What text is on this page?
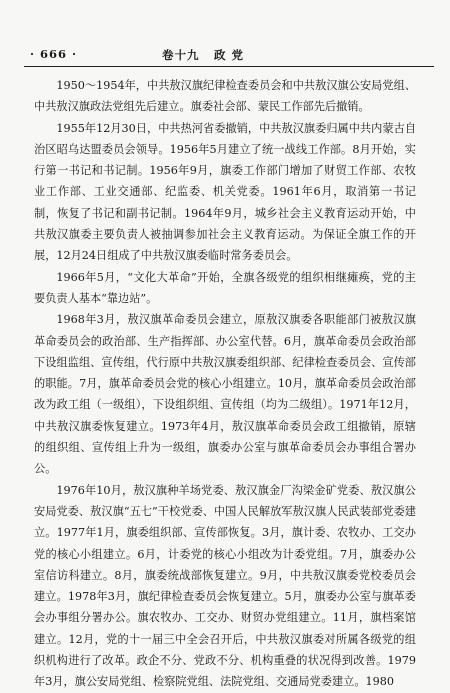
· 666 ·	卷十九 政党

1950～1954年，中共敖汉旗纪律检查委员会和中共敖汉旗公安局党组、中共敖汉旗政法党组先后建立。旗委社会部、蒙民工作部先后撤销。

1955年12月30日，中共热河省委撤销，中共敖汉旗委归属中共内蒙古自治区昭乌达盟委员会领导。1956年5月建立了统一战线工作部。8月开始，实行第一书记和书记制。1956年9月，旗委工作部门增加了财贸工作部、农牧业工作部、工业交通部、纪监委、机关党委。1961年6月，取消第一书记制，恢复了书记和副书记制。1964年9月，城乡社会主义教育运动开始，中共敖汉旗委主要负责人被抽调参加社会主义教育运动。为保证全旗工作的开展，12月24日组成了中共敖汉旗委临时常务委员会。

1966年5月，“文化大革命”开始，全旗各级党的组织相继瘫痪，党的主要负责人基本“靠边站”。

1968年3月，敖汉旗革命委员会建立，原敖汉旗委各职能部门被敖汉旗革命委员会的政治部、生产指挥部、办公室代替。6月，旗革命委员会政治部下设组监组、宣传组，代行原中共敖汉旗委组织部、纪律检查委员会、宣传部的职能。7月，旗革命委员会党的核心小组建立。10月，旗革命委员会政治部改为政工组（一级组），下设组织组、宣传组（均为二级组）。1971年12月，中共敖汉旗委恢复建立。1973年4月，敖汉旗革命委员会政工组撤销，原辖的组织组、宣传组上升为一级组，旗委办公室与旗革命委员会办事组合署办公。

1976年10月，敖汉旗种羊场党委、敖汉旗金厂沟梁金矿党委、敖汉旗公安局党委、敖汉旗“五七”干校党委、中国人民解放军敖汉旗人民武装部党委建立。1977年1月，旗委组织部、宣传部恢复。3月，旗计委、农牧办、工交办党的核心小组建立。6月，计委党的核心小组改为计委党组。7月，旗委办公室信访科建立。8月，旗委统战部恢复建立。9月，中共敖汉旗委党校委员会建立。1978年3月，旗纪律检查委员会恢复建立。5月，旗委办公室与旗革委会办事组分署办公。旗农牧办、工交办、财贸办党组建立。11月，旗档案馆建立。12月，党的十一届三中全会召开后，中共敖汉旗委对所属各级党的组织机构进行了改革。政企不分、党政不分、机构重叠的状况得到改善。1979年3月，旗公安局党组、检察院党组、法院党组、交通局党委建立。1980
